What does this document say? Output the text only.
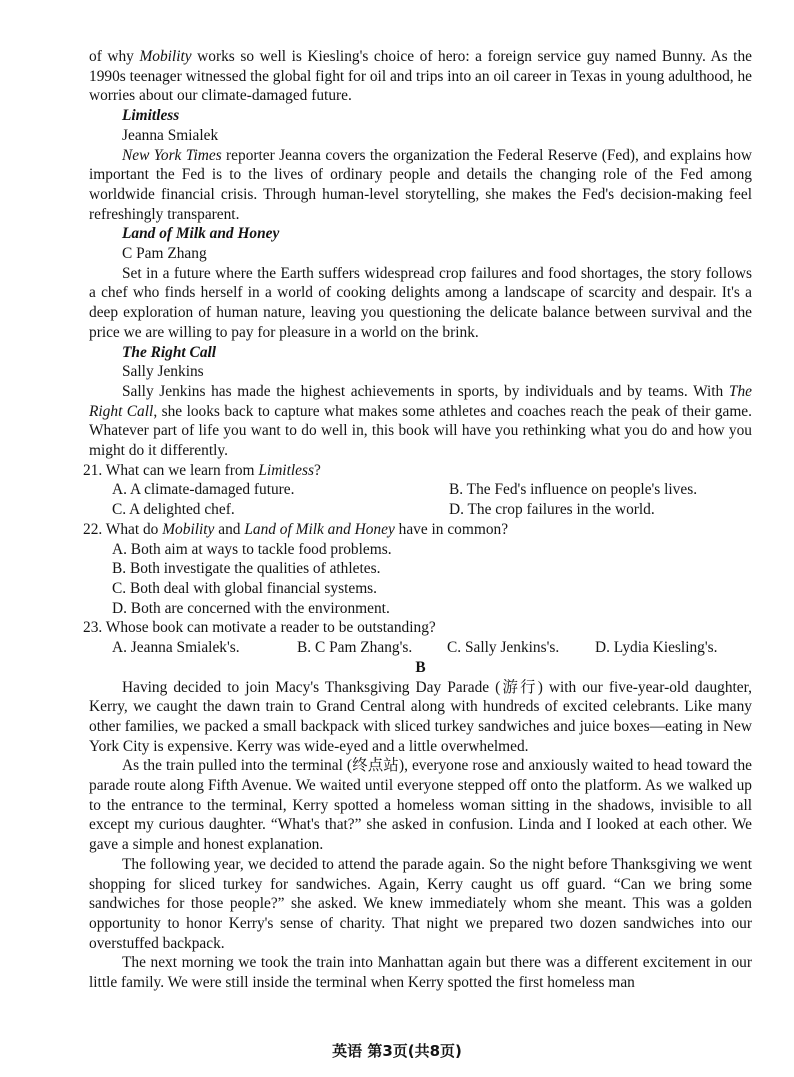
of why Mobility works so well is Kiesling's choice of hero: a foreign service guy named Bunny. As the 1990s teenager witnessed the global fight for oil and trips into an oil career in Texas in young adulthood, he worries about our climate-damaged future.

Limitless

Jeanna Smialek

New York Times reporter Jeanna covers the organization the Federal Reserve (Fed), and explains how important the Fed is to the lives of ordinary people and details the changing role of the Fed among worldwide financial crisis. Through human-level storytelling, she makes the Fed's decision-making feel refreshingly transparent.

Land of Milk and Honey

C Pam Zhang

Set in a future where the Earth suffers widespread crop failures and food shortages, the story follows a chef who finds herself in a world of cooking delights among a landscape of scarcity and despair. It's a deep exploration of human nature, leaving you questioning the delicate balance between survival and the price we are willing to pay for pleasure in a world on the brink.

The Right Call

Sally Jenkins

Sally Jenkins has made the highest achievements in sports, by individuals and by teams. With The Right Call, she looks back to capture what makes some athletes and coaches reach the peak of their game. Whatever part of life you want to do well in, this book will have you rethinking what you do and how you might do it differently.

21. What can we learn from Limitless?

A. A climate-damaged future.	B. The Fed's influence on people's lives.
C. A delighted chef.	D. The crop failures in the world.

22. What do Mobility and Land of Milk and Honey have in common?

A. Both aim at ways to tackle food problems.

B. Both investigate the qualities of athletes.

C. Both deal with global financial systems.

D. Both are concerned with the environment.

23. Whose book can motivate a reader to be outstanding?

A. Jeanna Smialek's.	B. C Pam Zhang's.	C. Sally Jenkins's.	D. Lydia Kiesling's.

B

Having decided to join Macy's Thanksgiving Day Parade (游行) with our five-year-old daughter, Kerry, we caught the dawn train to Grand Central along with hundreds of excited celebrants. Like many other families, we packed a small backpack with sliced turkey sandwiches and juice boxes—eating in New York City is expensive. Kerry was wide-eyed and a little overwhelmed.

As the train pulled into the terminal (终点站), everyone rose and anxiously waited to head toward the parade route along Fifth Avenue. We waited until everyone stepped off onto the platform. As we walked up to the entrance to the terminal, Kerry spotted a homeless woman sitting in the shadows, invisible to all except my curious daughter. “What's that?” she asked in confusion. Linda and I looked at each other. We gave a simple and honest explanation.

The following year, we decided to attend the parade again. So the night before Thanksgiving we went shopping for sliced turkey for sandwiches. Again, Kerry caught us off guard. “Can we bring some sandwiches for those people?” she asked. We knew immediately whom she meant. This was a golden opportunity to honor Kerry's sense of charity. That night we prepared two dozen sandwiches into our overstuffed backpack.

The next morning we took the train into Manhattan again but there was a different excitement in our little family. We were still inside the terminal when Kerry spotted the first homeless man

英语 第3页(共8页)
